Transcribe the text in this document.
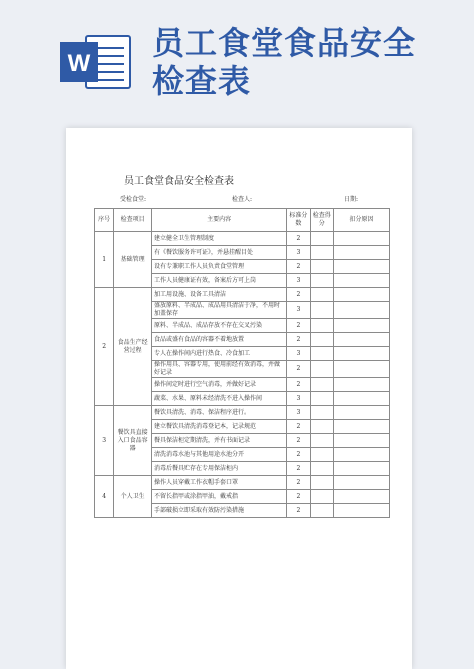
W
员工食堂食品安全
检查表
员工食堂食品安全检查表
受检食堂:	检查人:	日期:
序号	检查项目	主要内容	标准分数	检查得分	扣分原因
1	基础管理	建立健全卫生管理制度	2		
		有《餐饮服务许可证》，并悬挂醒目处	3		
		设有专兼职工作人员负责食堂管理	2		
		工作人员健康证有效，备案后方可上岗	3		
2	食品生产经营过程	加工用设施、设备工具清洁	2		
		盛放原料、半成品、成品用具清洁于净，不用时加盖保存	3		
		原料、半成品、成品存放不存在交叉污染	2		
		食品或盛有食品的容器不着地放置	2		
		专人在操作间内进行热食、冷食加工	3		
		操作用具、容器专用，使用前经有效消毒，并做好记录	2		
		操作间定时进行空气消毒，并做好记录	2		
		蔬菜、水果、原料未经清洗不进入操作间	3		
3	餐饮具直接入口食品容器	餐饮具清洗、消毒、保洁程序进行。	3		
		建立餐饮具清洗消毒登记本，记录规范	2		
		餐具保洁柜定期清洗，并有书面记录	2		
		清洗消毒水池与其他用途水池分开	2		
		消毒后餐具贮存在专用保洁柜内	2		
4	个人卫生	操作人员穿戴工作衣帽手套口罩	2		
		不留长指甲或涂指甲油，戴戒指	2		
		手部破损立即采取有效防污染措施	2		
